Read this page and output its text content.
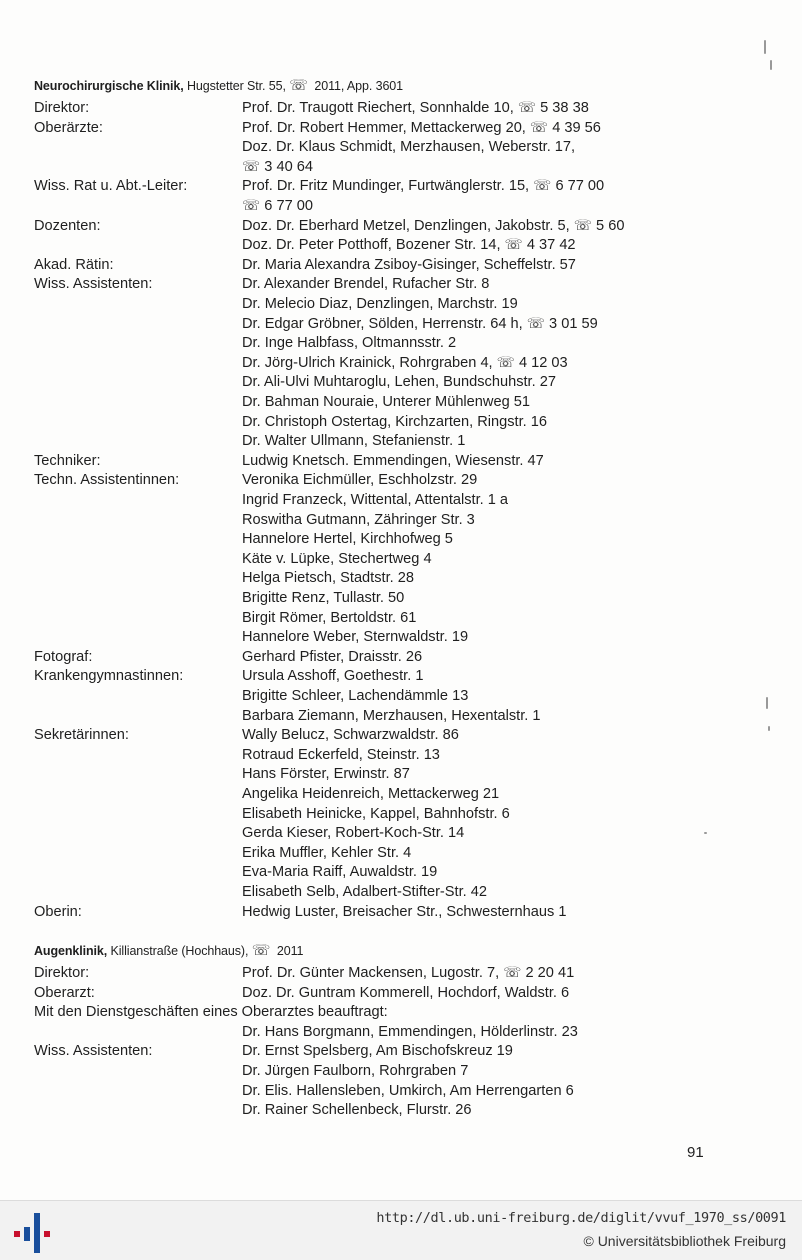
Neurochirurgische Klinik, Hugstetter Str. 55, ☏ 2011, App. 3601
Direktor:	Prof. Dr. Traugott Riechert, Sonnhalde 10, ☏ 5 38 38
Oberärzte:	Prof. Dr. Robert Hemmer, Mettackerweg 20, ☏ 4 39 56
Doz. Dr. Klaus Schmidt, Merzhausen, Weberstr. 17,
☏ 3 40 64
Wiss. Rat u. Abt.-Leiter:	Prof. Dr. Fritz Mundinger, Furtwänglerstr. 15, ☏ 6 77 00
☏ 6 77 00
Dozenten:	Doz. Dr. Eberhard Metzel, Denzlingen, Jakobstr. 5, ☏ 5 60
Doz. Dr. Peter Potthoff, Bozener Str. 14, ☏ 4 37 42
Akad. Rätin:	Dr. Maria Alexandra Zsiboy-Gisinger, Scheffelstr. 57
Wiss. Assistenten:	Dr. Alexander Brendel, Rufacher Str. 8
Dr. Melecio Diaz, Denzlingen, Marchstr. 19
Dr. Edgar Gröbner, Sölden, Herrenstr. 64 h, ☏ 3 01 59
Dr. Inge Halbfass, Oltmannsstr. 2
Dr. Jörg-Ulrich Krainick, Rohrgraben 4, ☏ 4 12 03
Dr. Ali-Ulvi Muhtaroglu, Lehen, Bundschuhstr. 27
Dr. Bahman Nouraie, Unterer Mühlenweg 51
Dr. Christoph Ostertag, Kirchzarten, Ringstr. 16
Dr. Walter Ullmann, Stefanienstr. 1
Techniker:	Ludwig Knetsch. Emmendingen, Wiesenstr. 47
Techn. Assistentinnen:	Veronika Eichmüller, Eschholzstr. 29
Ingrid Franzeck, Wittental, Attentalstr. 1 a
Roswitha Gutmann, Zähringer Str. 3
Hannelore Hertel, Kirchhofweg 5
Käte v. Lüpke, Stechertweg 4
Helga Pietsch, Stadtstr. 28
Brigitte Renz, Tullastr. 50
Birgit Römer, Bertoldstr. 61
Hannelore Weber, Sternwaldstr. 19
Fotograf:	Gerhard Pfister, Draisstr. 26
Krankengymnastinnen:	Ursula Asshoff, Goethestr. 1
Brigitte Schleer, Lachendämmle 13
Barbara Ziemann, Merzhausen, Hexentalstr. 1
Sekretärinnen:	Wally Belucz, Schwarzwaldstr. 86
Rotraud Eckerfeld, Steinstr. 13
Hans Förster, Erwinstr. 87
Angelika Heidenreich, Mettackerweg 21
Elisabeth Heinicke, Kappel, Bahnhofstr. 6
Gerda Kieser, Robert-Koch-Str. 14
Erika Muffler, Kehler Str. 4
Eva-Maria Raiff, Auwaldstr. 19
Elisabeth Selb, Adalbert-Stifter-Str. 42
Oberin:	Hedwig Luster, Breisacher Str., Schwesternhaus 1
Augenklinik, Killianstraße (Hochhaus), ☏ 2011
Direktor:	Prof. Dr. Günter Mackensen, Lugostr. 7, ☏ 2 20 41
Oberarzt:	Doz. Dr. Guntram Kommerell, Hochdorf, Waldstr. 6
Mit den Dienstgeschäften eines Oberarztes beauftragt:
Dr. Hans Borgmann, Emmendingen, Hölderlinstr. 23
Wiss. Assistenten:	Dr. Ernst Spelsberg, Am Bischofskreuz 19
Dr. Jürgen Faulborn, Rohrgraben 7
Dr. Elis. Hallensleben, Umkirch, Am Herrengarten 6
Dr. Rainer Schellenbeck, Flurstr. 26
91
http://dl.ub.uni-freiburg.de/diglit/vvuf_1970_ss/0091
© Universitätsbibliothek Freiburg
